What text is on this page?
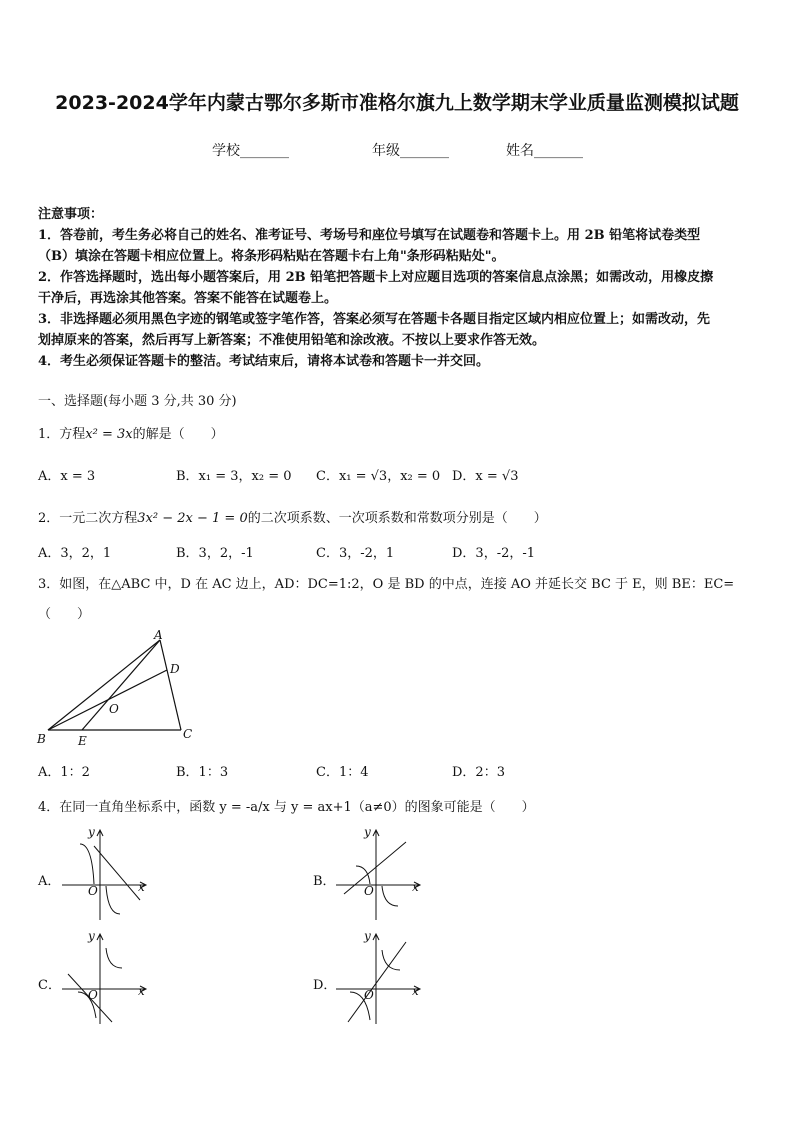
2023-2024学年内蒙古鄂尔多斯市准格尔旗九上数学期末学业质量监测模拟试题
学校_______	年级_______	姓名_______
注意事项：
1．答卷前，考生务必将自己的姓名、准考证号、考场号和座位号填写在试题卷和答题卡上。用 2B 铅笔将试卷类型
（B）填涂在答题卡相应位置上。将条形码粘贴在答题卡右上角"条形码粘贴处"。
2．作答选择题时，选出每小题答案后，用 2B 铅笔把答题卡上对应题目选项的答案信息点涂黑；如需改动，用橡皮擦
干净后，再选涂其他答案。答案不能答在试题卷上。
3．非选择题必须用黑色字迹的钢笔或签字笔作答，答案必须写在答题卡各题目指定区域内相应位置上；如需改动，先
划掉原来的答案，然后再写上新答案；不准使用铅笔和涂改液。不按以上要求作答无效。
4．考生必须保证答题卡的整洁。考试结束后，请将本试卷和答题卡一并交回。
一、选择题(每小题 3 分,共 30 分)
1．方程x² = 3x的解是（　　）
A．x = 3	B．x₁ = 3，x₂ = 0 C．x₁ = √3，x₂ = 0 D．x = √3
2．一元二次方程3x² − 2x − 1 = 0的二次项系数、一次项系数和常数项分别是（　　）
A．3，2，1	B．3，2，-1	C．3，-2，1	D．3，-2，-1
3．如图，在△ABC 中，D 在 AC 边上，AD：DC=1:2，O 是 BD 的中点，连接 AO 并延长交 BC 于 E，则 BE：EC=
（　　）
A
D
O
B	E	C
A．1：2	B．1：3	C．1：4	D．2：3
4．在同一直角坐标系中，函数 y = -a/x 与 y = ax+1（a≠0）的图象可能是（　　）
A．
y
x
O
B．
y
x
O
C．
y
x
O
D．
y
x
O
